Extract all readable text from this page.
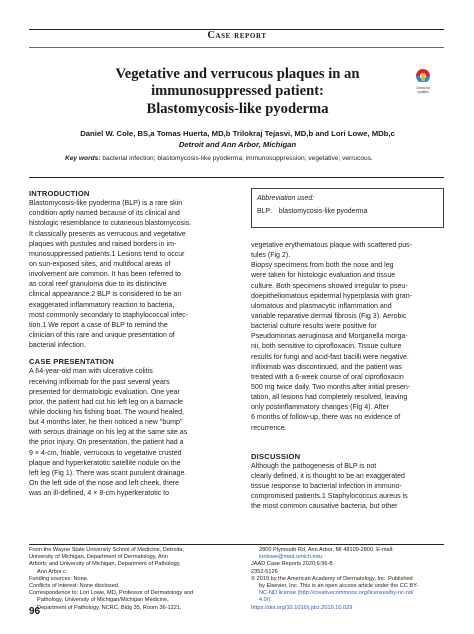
Case report
Vegetative and verrucous plaques in an
immunosuppressed patient:
Blastomycosis-like pyoderma
Check for
updates
Daniel W. Cole, BS,a Tomas Huerta, MD,b Trilokraj Tejasvi, MD,b and Lori Lowe, MDb,c
Detroit and Ann Arbor, Michigan
Key words: bacterial infection; blastomycosis-like pyoderma; immunosuppression; vegetative; verrucous.
Abbreviation used:
BLP: blastomycosis-like pyoderma
INTRODUCTION
Blastomycosis-like pyoderma (BLP) is a rare skin
condition aptly named because of its clinical and
histologic resemblance to cutaneous blastomycosis.
It classically presents as verrucous and vegetative
plaques with pustules and raised borders in im-
munosuppressed patients.1 Lesions tend to occur
on sun-exposed sites, and multifocal areas of
involvement are common. It has been referred to
as coral reef granuloma due to its distinctive
clinical appearance.2 BLP is considered to be an
exaggerated inflammatory reaction to bacteria,
most commonly secondary to staphylococcal infec-
tion.1 We report a case of BLP to remind the
clinician of this rare and unique presentation of
bacterial infection.
CASE PRESENTATION
A 64-year-old man with ulcerative colitis
receiving infliximab for the past several years
presented for dermatologic evaluation. One year
prior, the patient had cut his left leg on a barnacle
while docking his fishing boat. The wound healed,
but 4 months later, he then noticed a new "bump"
with serous drainage on his leg at the same site as
the prior injury. On presentation, the patient had a
9 × 4-cm, friable, verrucous to vegetative crusted
plaque and hyperkeratotic satellite nodule on the
left leg (Fig 1). There was scant purulent drainage.
On the left side of the nose and left cheek, there
was an ill-defined, 4 × 8-cm hyperkeratotic to
vegetative erythematous plaque with scattered pus-
tules (Fig 2).
Biopsy specimens from both the nose and leg
were taken for histologic evaluation and tissue
culture. Both specimens showed irregular to pseu-
doepitheliomatous epidermal hyperplasia with gran-
ulomatous and plasmacytic inflammation and
variable reparative dermal fibrosis (Fig 3). Aerobic
bacterial culture results were positive for
Pseudomonas aeruginosa and Morganella morga-
nii, both sensitive to ciprofloxacin. Tissue culture
results for fungi and acid-fast bacilli were negative.
Infliximab was discontinued, and the patient was
treated with a 6-week course of oral ciprofloxacin
500 mg twice daily. Two months after initial presen-
tation, all lesions had completely resolved, leaving
only postinflammatory changes (Fig 4). After
6 months of follow-up, there was no evidence of
recurrence.
DISCUSSION
Although the pathogenesis of BLP is not
clearly defined, it is thought to be an exaggerated
tissue response to bacterial infection in immuno-
compromised patients.1 Staphylococcus aureus is
the most common causative bacteria, but other
From the Wayne State University School of Medicine, Detroita;
University of Michigan, Department of Dermatology, Ann
Arborb; and University of Michigan, Department of Pathology,
Ann Arbor.c
Funding sources: None.
Conflicts of interest: None disclosed.
Correspondence to: Lori Lowe, MD, Professor of Dermatology and
Pathology, University of Michigan/Michigan Medicine,
Department of Pathology, NCRC, Bldg 35, Room 36-1221,
2800 Plymouth Rd, Ann Arbor, MI 48109-2800. E-mail:
lorilowe@med.umich.edu.
JAAD Case Reports 2020;6:96-8.
2352-5126
© 2019 by the American Academy of Dermatology, Inc. Published
by Elsevier, Inc. This is an open access article under the CC BY-
NC-ND license (http://creativecommons.org/licenses/by-nc-nd/
4.0/).
https://doi.org/10.1016/j.jdcr.2019.10.029
96
